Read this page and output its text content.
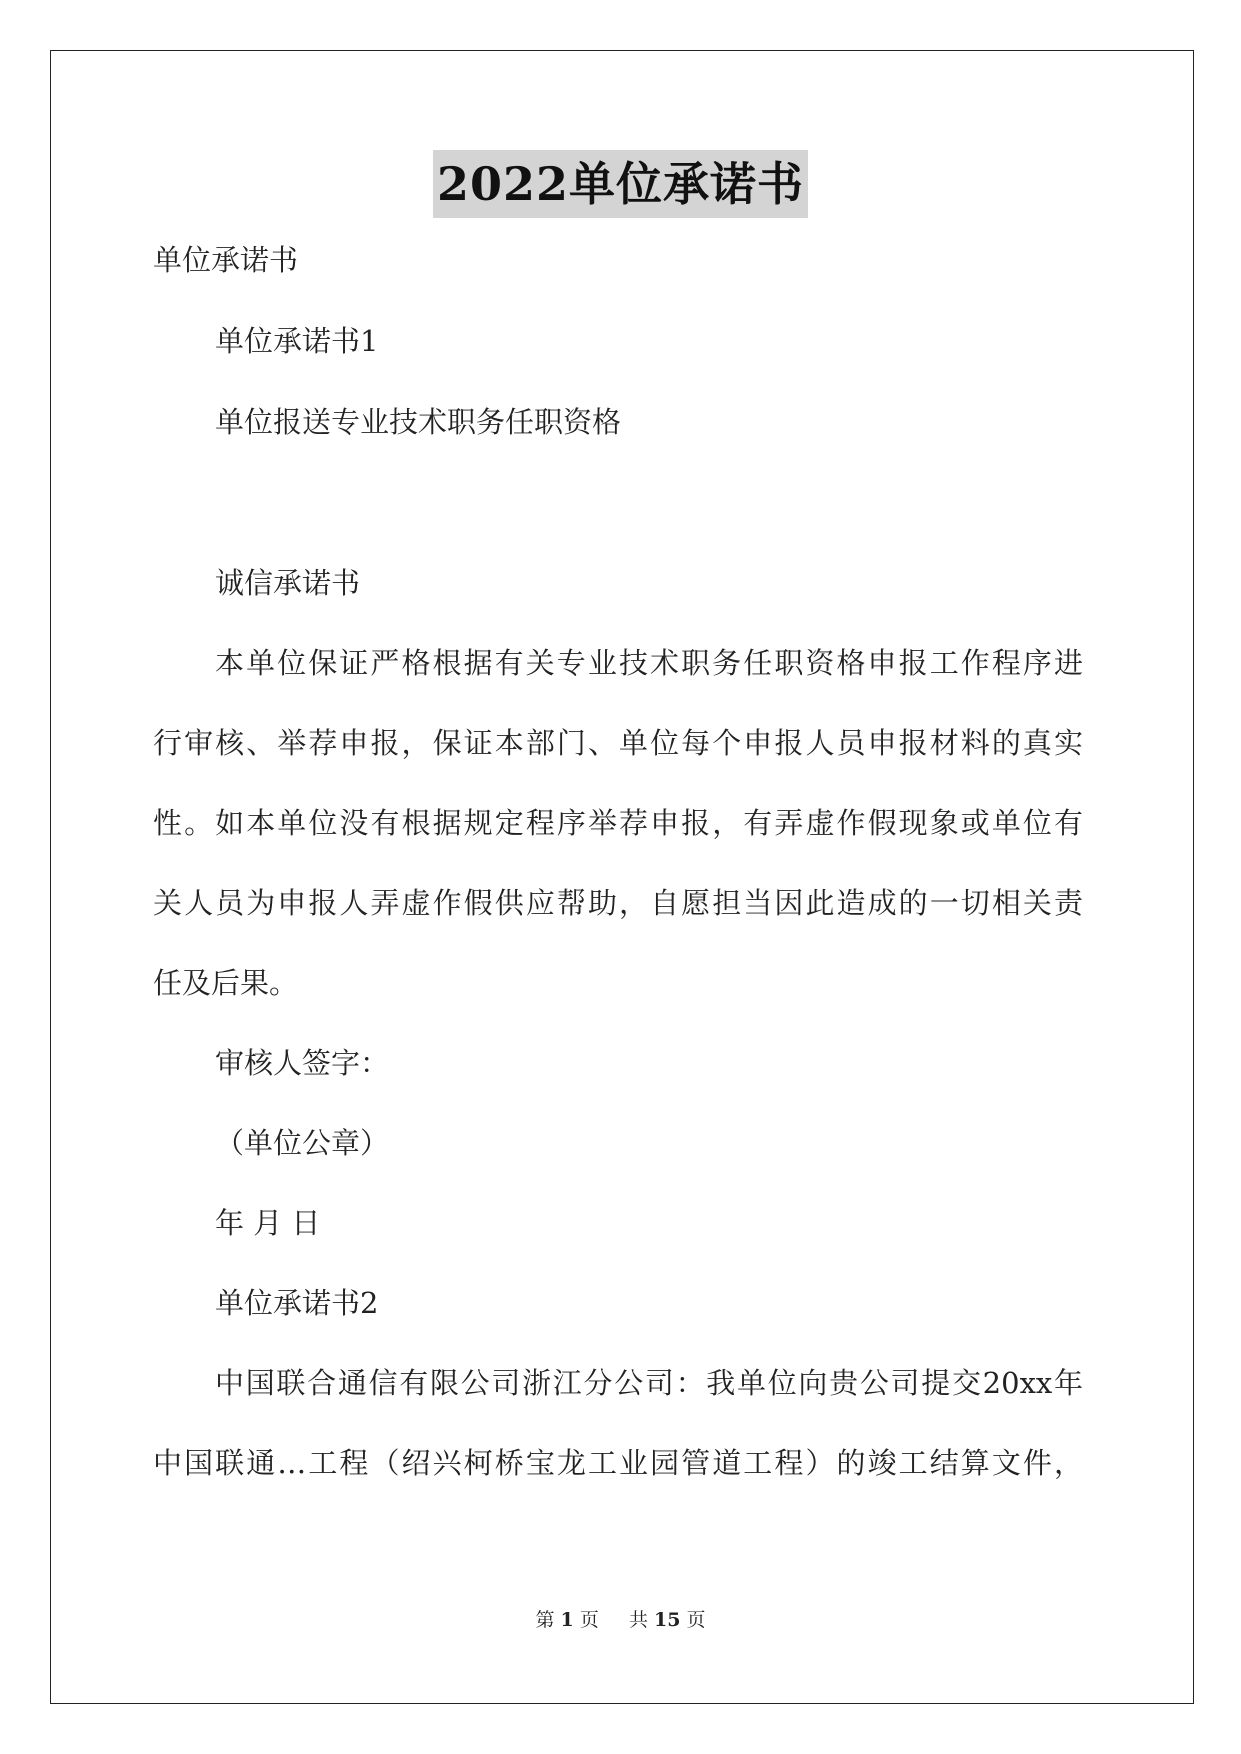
2022单位承诺书
单位承诺书
单位承诺书1
单位报送专业技术职务任职资格
诚信承诺书
本单位保证严格根据有关专业技术职务任职资格申报工作程序进
行审核、举荐申报，保证本部门、单位每个申报人员申报材料的真实
性。如本单位没有根据规定程序举荐申报，有弄虚作假现象或单位有
关人员为申报人弄虚作假供应帮助，自愿担当因此造成的一切相关责
任及后果。
审核人签字：
（单位公章）
年 月 日
单位承诺书2
中国联合通信有限公司浙江分公司：我单位向贵公司提交20xx年
中国联通…工程（绍兴柯桥宝龙工业园管道工程）的竣工结算文件，
第 1 页 共 15 页
